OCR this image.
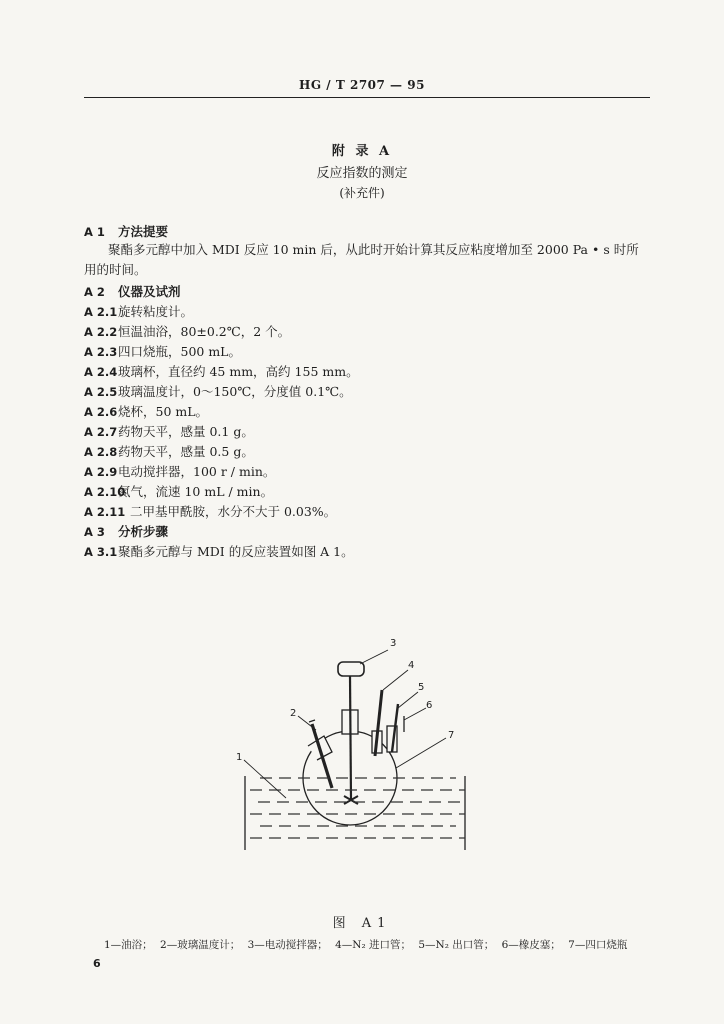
HG / T 2707 — 95
附 录 A
反应指数的测定
(补充件)
A 1 方法提要
聚酯多元醇中加入 MDI 反应 10 min 后，从此时开始计算其反应粘度增加至 2000 Pa • s 时所用的时间。
A 2 仪器及试剂
A 2.1旋转粘度计。
A 2.2恒温油浴，80±0.2℃，2 个。
A 2.3四口烧瓶，500 mL。
A 2.4玻璃杯，直径约 45 mm，高约 155 mm。
A 2.5玻璃温度计，0～150℃，分度值 0.1℃。
A 2.6烧杯，50 mL。
A 2.7药物天平，感量 0.1 g。
A 2.8药物天平，感量 0.5 g。
A 2.9电动搅拌器，100 r / min。
A 2.10氮气，流速 10 mL / min。
A 2.11 二甲基甲酰胺，水分不大于 0.03%。
A 3 分析步骤
A 3.1聚酯多元醇与 MDI 的反应装置如图 A 1。
1
2
3
4
5
6
7
图 A1
1—油浴； 2—玻璃温度计； 3—电动搅拌器； 4—N₂ 进口管； 5—N₂ 出口管； 6—橡皮塞； 7—四口烧瓶
6
